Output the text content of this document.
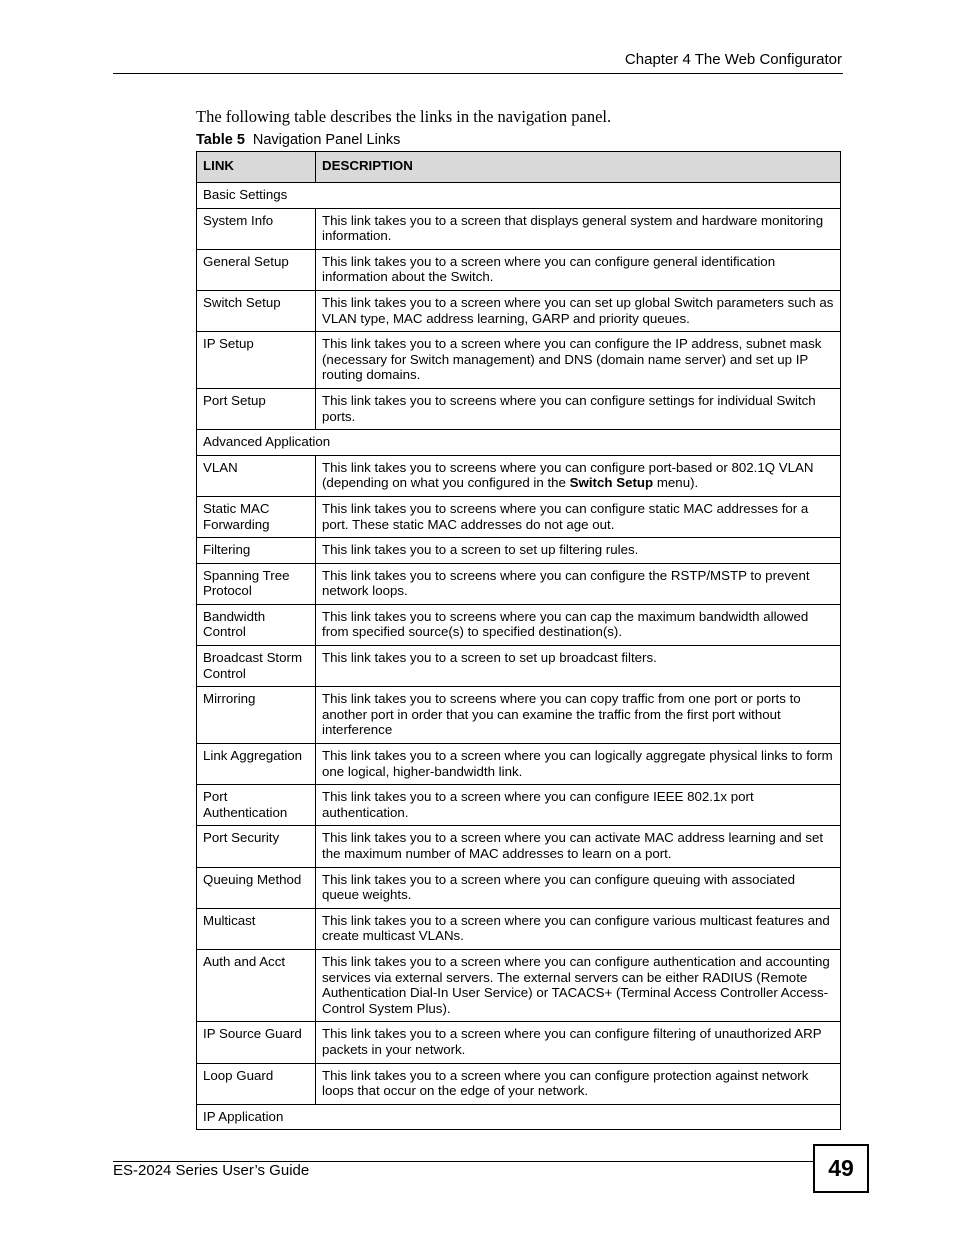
Chapter 4 The Web Configurator
The following table describes the links in the navigation panel.
Table 5 Navigation Panel Links
LINK	DESCRIPTION
Basic Settings	
System Info	This link takes you to a screen that displays general system and hardware monitoring information.
General Setup	This link takes you to a screen where you can configure general identification information about the Switch.
Switch Setup	This link takes you to a screen where you can set up global Switch parameters such as VLAN type, MAC address learning, GARP and priority queues.
IP Setup	This link takes you to a screen where you can configure the IP address, subnet mask (necessary for Switch management) and DNS (domain name server) and set up IP routing domains.
Port Setup	This link takes you to screens where you can configure settings for individual Switch ports.
Advanced Application	
VLAN	This link takes you to screens where you can configure port-based or 802.1Q VLAN (depending on what you configured in the Switch Setup menu).
Static MAC Forwarding	This link takes you to screens where you can configure static MAC addresses for a port. These static MAC addresses do not age out.
Filtering	This link takes you to a screen to set up filtering rules.
Spanning Tree Protocol	This link takes you to screens where you can configure the RSTP/MSTP to prevent network loops.
Bandwidth Control	This link takes you to screens where you can cap the maximum bandwidth allowed from specified source(s) to specified destination(s).
Broadcast Storm Control	This link takes you to a screen to set up broadcast filters.
Mirroring	This link takes you to screens where you can copy traffic from one port or ports to another port in order that you can examine the traffic from the first port without interference
Link Aggregation	This link takes you to a screen where you can logically aggregate physical links to form one logical, higher-bandwidth link.
Port Authentication	This link takes you to a screen where you can configure IEEE 802.1x port authentication.
Port Security	This link takes you to a screen where you can activate MAC address learning and set the maximum number of MAC addresses to learn on a port.
Queuing Method	This link takes you to a screen where you can configure queuing with associated queue weights.
Multicast	This link takes you to a screen where you can configure various multicast features and create multicast VLANs.
Auth and Acct	This link takes you to a screen where you can configure authentication and accounting services via external servers. The external servers can be either RADIUS (Remote Authentication Dial-In User Service) or TACACS+ (Terminal Access Controller Access-Control System Plus).
IP Source Guard	This link takes you to a screen where you can configure filtering of unauthorized ARP packets in your network.
Loop Guard	This link takes you to a screen where you can configure protection against network loops that occur on the edge of your network.
IP Application	
ES-2024 Series User’s Guide	49
